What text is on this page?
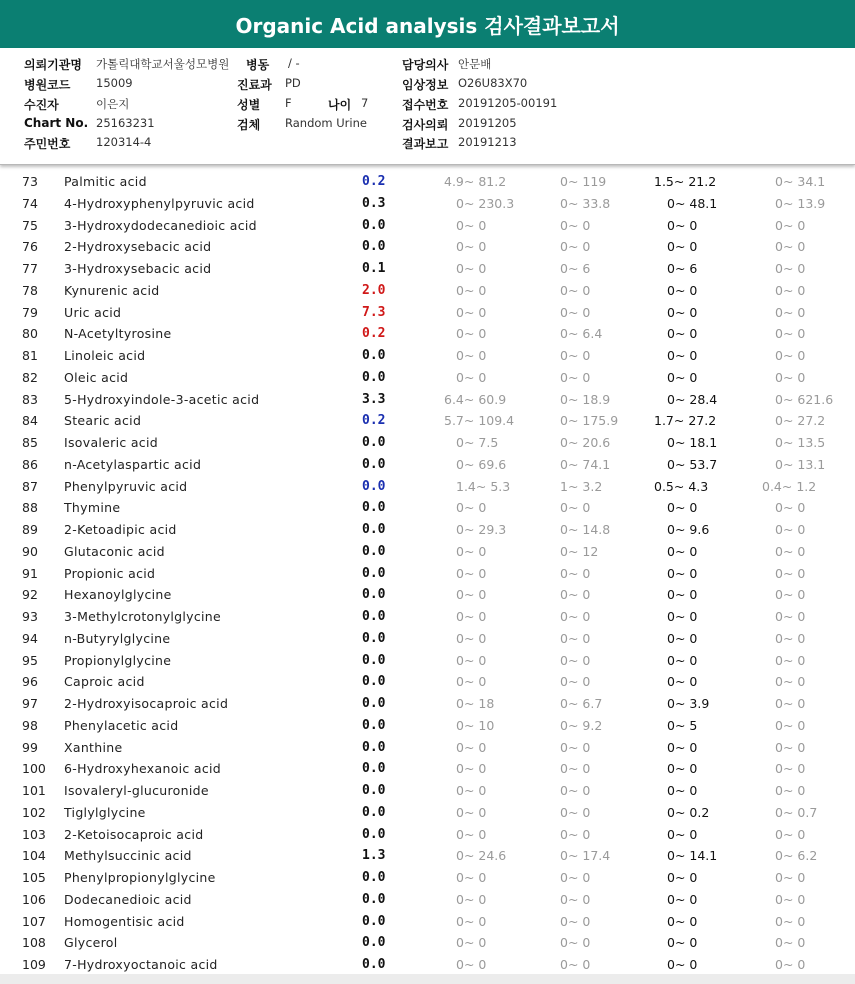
Organic Acid analysis 검사결과보고서
의뢰기관명 가톨릭대학교서울성모병원 병동 / -
병원코드 15009	진료과 PD
수진자	이은지	성별 F	나이 7
Chart No. 25163231	검체 Random Urine
주민번호 120314-4
담당의사 안문배
임상정보 O26U83X70
접수번호 20191205-00191
검사의뢰 20191205
결과보고 20191213
73 Palmitic acid	0.2	4.9~ 81.2	0~ 119	1.5~ 21.2	0~ 34.1
74 4-Hydroxyphenylpyruvic acid	0.3	0~ 230.3	0~ 33.8	0~ 48.1	0~ 13.9
75 3-Hydroxydodecanedioic acid	0.0	0~ 0	0~ 0	0~ 0	0~ 0
76 2-Hydroxysebacic acid	0.0	0~ 0	0~ 0	0~ 0	0~ 0
77 3-Hydroxysebacic acid	0.1	0~ 0	0~ 6	0~ 6	0~ 0
78 Kynurenic acid	2.0	0~ 0	0~ 0	0~ 0	0~ 0
79 Uric acid	7.3	0~ 0	0~ 0	0~ 0	0~ 0
80 N-Acetyltyrosine	0.2	0~ 0	0~ 6.4	0~ 0	0~ 0
81 Linoleic acid	0.0	0~ 0	0~ 0	0~ 0	0~ 0
82 Oleic acid	0.0	0~ 0	0~ 0	0~ 0	0~ 0
83 5-Hydroxyindole-3-acetic acid	3.3	6.4~ 60.9	0~ 18.9	0~ 28.4	0~ 621.6
84 Stearic acid	0.2	5.7~ 109.4	0~ 175.9	1.7~ 27.2	0~ 27.2
85 Isovaleric acid	0.0	0~ 7.5	0~ 20.6	0~ 18.1	0~ 13.5
86 n-Acetylaspartic acid	0.0	0~ 69.6	0~ 74.1	0~ 53.7	0~ 13.1
87 Phenylpyruvic acid	0.0	1.4~ 5.3	1~ 3.2	0.5~ 4.3	0.4~ 1.2
88 Thymine	0.0	0~ 0	0~ 0	0~ 0	0~ 0
89 2-Ketoadipic acid	0.0	0~ 29.3	0~ 14.8	0~ 9.6	0~ 0
90 Glutaconic acid	0.0	0~ 0	0~ 12	0~ 0	0~ 0
91 Propionic acid	0.0	0~ 0	0~ 0	0~ 0	0~ 0
92 Hexanoylglycine	0.0	0~ 0	0~ 0	0~ 0	0~ 0
93 3-Methylcrotonylglycine	0.0	0~ 0	0~ 0	0~ 0	0~ 0
94 n-Butyrylglycine	0.0	0~ 0	0~ 0	0~ 0	0~ 0
95 Propionylglycine	0.0	0~ 0	0~ 0	0~ 0	0~ 0
96 Caproic acid	0.0	0~ 0	0~ 0	0~ 0	0~ 0
97 2-Hydroxyisocaproic acid	0.0	0~ 18	0~ 6.7	0~ 3.9	0~ 0
98 Phenylacetic acid	0.0	0~ 10	0~ 9.2	0~ 5	0~ 0
99 Xanthine	0.0	0~ 0	0~ 0	0~ 0	0~ 0
100 6-Hydroxyhexanoic acid	0.0	0~ 0	0~ 0	0~ 0	0~ 0
101 Isovaleryl-glucuronide	0.0	0~ 0	0~ 0	0~ 0	0~ 0
102 Tiglylglycine	0.0	0~ 0	0~ 0	0~ 0.2	0~ 0.7
103 2-Ketoisocaproic acid	0.0	0~ 0	0~ 0	0~ 0	0~ 0
104 Methylsuccinic acid	1.3	0~ 24.6	0~ 17.4	0~ 14.1	0~ 6.2
105 Phenylpropionylglycine	0.0	0~ 0	0~ 0	0~ 0	0~ 0
106 Dodecanedioic acid	0.0	0~ 0	0~ 0	0~ 0	0~ 0
107 Homogentisic acid	0.0	0~ 0	0~ 0	0~ 0	0~ 0
108 Glycerol	0.0	0~ 0	0~ 0	0~ 0	0~ 0
109 7-Hydroxyoctanoic acid	0.0	0~ 0	0~ 0	0~ 0	0~ 0
